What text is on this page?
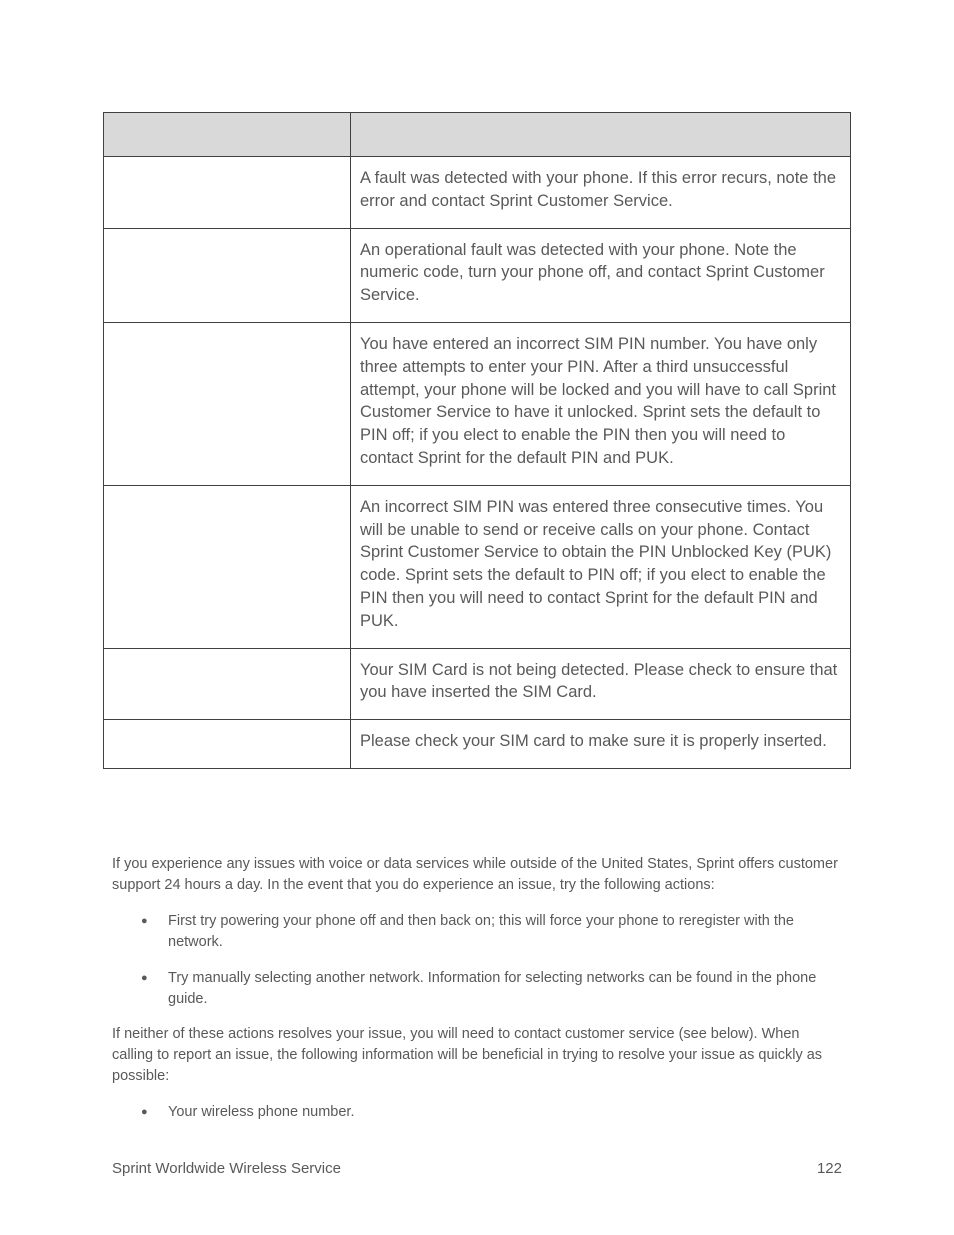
	A fault was detected with your phone. If this error recurs, note the error and contact Sprint Customer Service.
	An operational fault was detected with your phone. Note the numeric code, turn your phone off, and contact Sprint Customer Service.
	You have entered an incorrect SIM PIN number. You have only three attempts to enter your PIN. After a third unsuccessful attempt, your phone will be locked and you will have to call Sprint Customer Service to have it unlocked. Sprint sets the default to PIN off; if you elect to enable the PIN then you will need to contact Sprint for the default PIN and PUK.
	An incorrect SIM PIN was entered three consecutive times. You will be unable to send or receive calls on your phone. Contact Sprint Customer Service to obtain the PIN Unblocked Key (PUK) code. Sprint sets the default to PIN off; if you elect to enable the PIN then you will need to contact Sprint for the default PIN and PUK.
	Your SIM Card is not being detected. Please check to ensure that you have inserted the SIM Card.
	Please check your SIM card to make sure it is properly inserted.

If you experience any issues with voice or data services while outside of the United States, Sprint offers customer support 24 hours a day. In the event that you do experience an issue, try the following actions:

● First try powering your phone off and then back on; this will force your phone to reregister with the network.

● Try manually selecting another network. Information for selecting networks can be found in the phone guide.

If neither of these actions resolves your issue, you will need to contact customer service (see below). When calling to report an issue, the following information will be beneficial in trying to resolve your issue as quickly as possible:

● Your wireless phone number.

Sprint Worldwide Wireless Service	122
